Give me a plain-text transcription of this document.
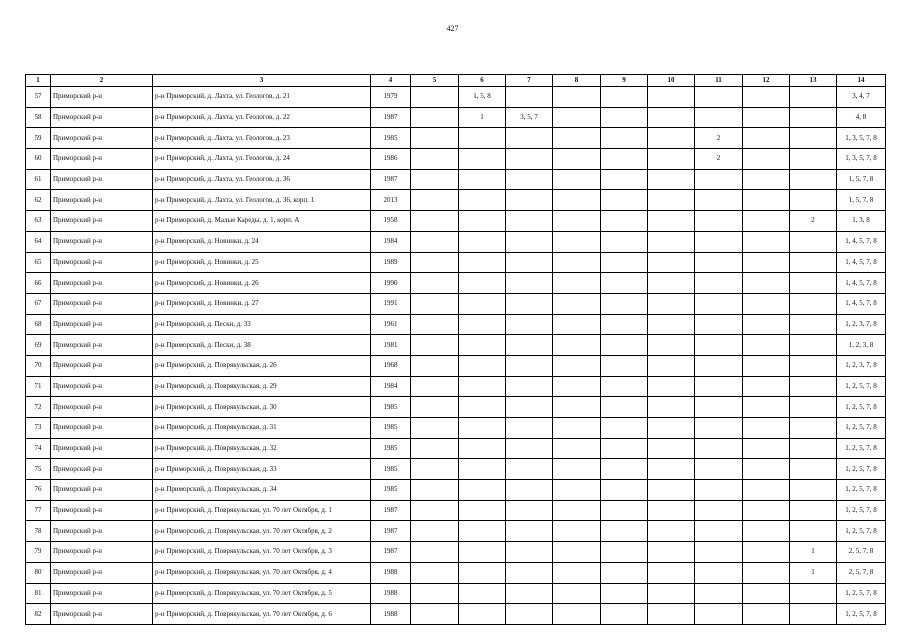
427
1	2	3	4	5	6	7	8	9	10	11	12	13	14
57	Приморский р-н	р-н Приморский, д. Лахта, ул. Геологов, д. 21	1979		1, 5, 8								3, 4, 7
58	Приморский р-н	р-н Приморский, д. Лахта, ул. Геологов, д. 22	1987		1	3, 5, 7							4, 8
59	Приморский р-н	р-н Приморский, д. Лахта, ул. Геологов, д. 23	1985							2			1, 3, 5, 7, 8
60	Приморский р-н	р-н Приморский, д. Лахта, ул. Геологов, д. 24	1986							2			1, 3, 5, 7, 8
61	Приморский р-н	р-н Приморский, д. Лахта, ул. Геологов, д. 36	1987										1, 5, 7, 8
62	Приморский р-н	р-н Приморский, д. Лахта, ул. Геологов, д. 36, корп. 1	2013										1, 5, 7, 8
63	Приморский р-н	р-н Приморский, д. Малые Кареды, д. 1, корп. А	1958									2	1, 3, 8
64	Приморский р-н	р-н Приморский, д. Новинки, д. 24	1984										1, 4, 5, 7, 8
65	Приморский р-н	р-н Приморский, д. Новинки, д. 25	1989										1, 4, 5, 7, 8
66	Приморский р-н	р-н Приморский, д. Новинки, д. 26	1990										1, 4, 5, 7, 8
67	Приморский р-н	р-н Приморский, д. Новинки, д. 27	1991										1, 4, 5, 7, 8
68	Приморский р-н	р-н Приморский, д. Пески, д. 33	1961										1, 2, 3, 7, 8
69	Приморский р-н	р-н Приморский, д. Пески, д. 38	1981										1, 2, 3, 8
70	Приморский р-н	р-н Приморский, д. Поврякульская, д. 26	1968										1, 2, 3, 7, 8
71	Приморский р-н	р-н Приморский, д. Поврякульская, д. 29	1984										1, 2, 5, 7, 8
72	Приморский р-н	р-н Приморский, д. Поврякульская, д. 30	1985										1, 2, 5, 7, 8
73	Приморский р-н	р-н Приморский, д. Поврякульская, д. 31	1985										1, 2, 5, 7, 8
74	Приморский р-н	р-н Приморский, д. Поврякульская, д. 32	1985										1, 2, 5, 7, 8
75	Приморский р-н	р-н Приморский, д. Поврякульская, д. 33	1985										1, 2, 5, 7, 8
76	Приморский р-н	р-н Приморский, д. Поврякульская, д. 34	1985										1, 2, 5, 7, 8
77	Приморский р-н	р-н Приморский, д. Поврякульская, ул. 70 лет Октября, д. 1	1987										1, 2, 5, 7, 8
78	Приморский р-н	р-н Приморский, д. Поврякульская, ул. 70 лет Октября, д. 2	1987										1, 2, 5, 7, 8
79	Приморский р-н	р-н Приморский, д. Поврякульская, ул. 70 лет Октября, д. 3	1987									1	2, 5, 7, 8
80	Приморский р-н	р-н Приморский, д. Поврякульская, ул. 70 лет Октября, д. 4	1988									1	2, 5, 7, 8
81	Приморский р-н	р-н Приморский, д. Поврякульская, ул. 70 лет Октября, д. 5	1988										1, 2, 5, 7, 8
82	Приморский р-н	р-н Приморский, д. Поврякульская, ул. 70 лет Октября, д. 6	1988										1, 2, 5, 7, 8
